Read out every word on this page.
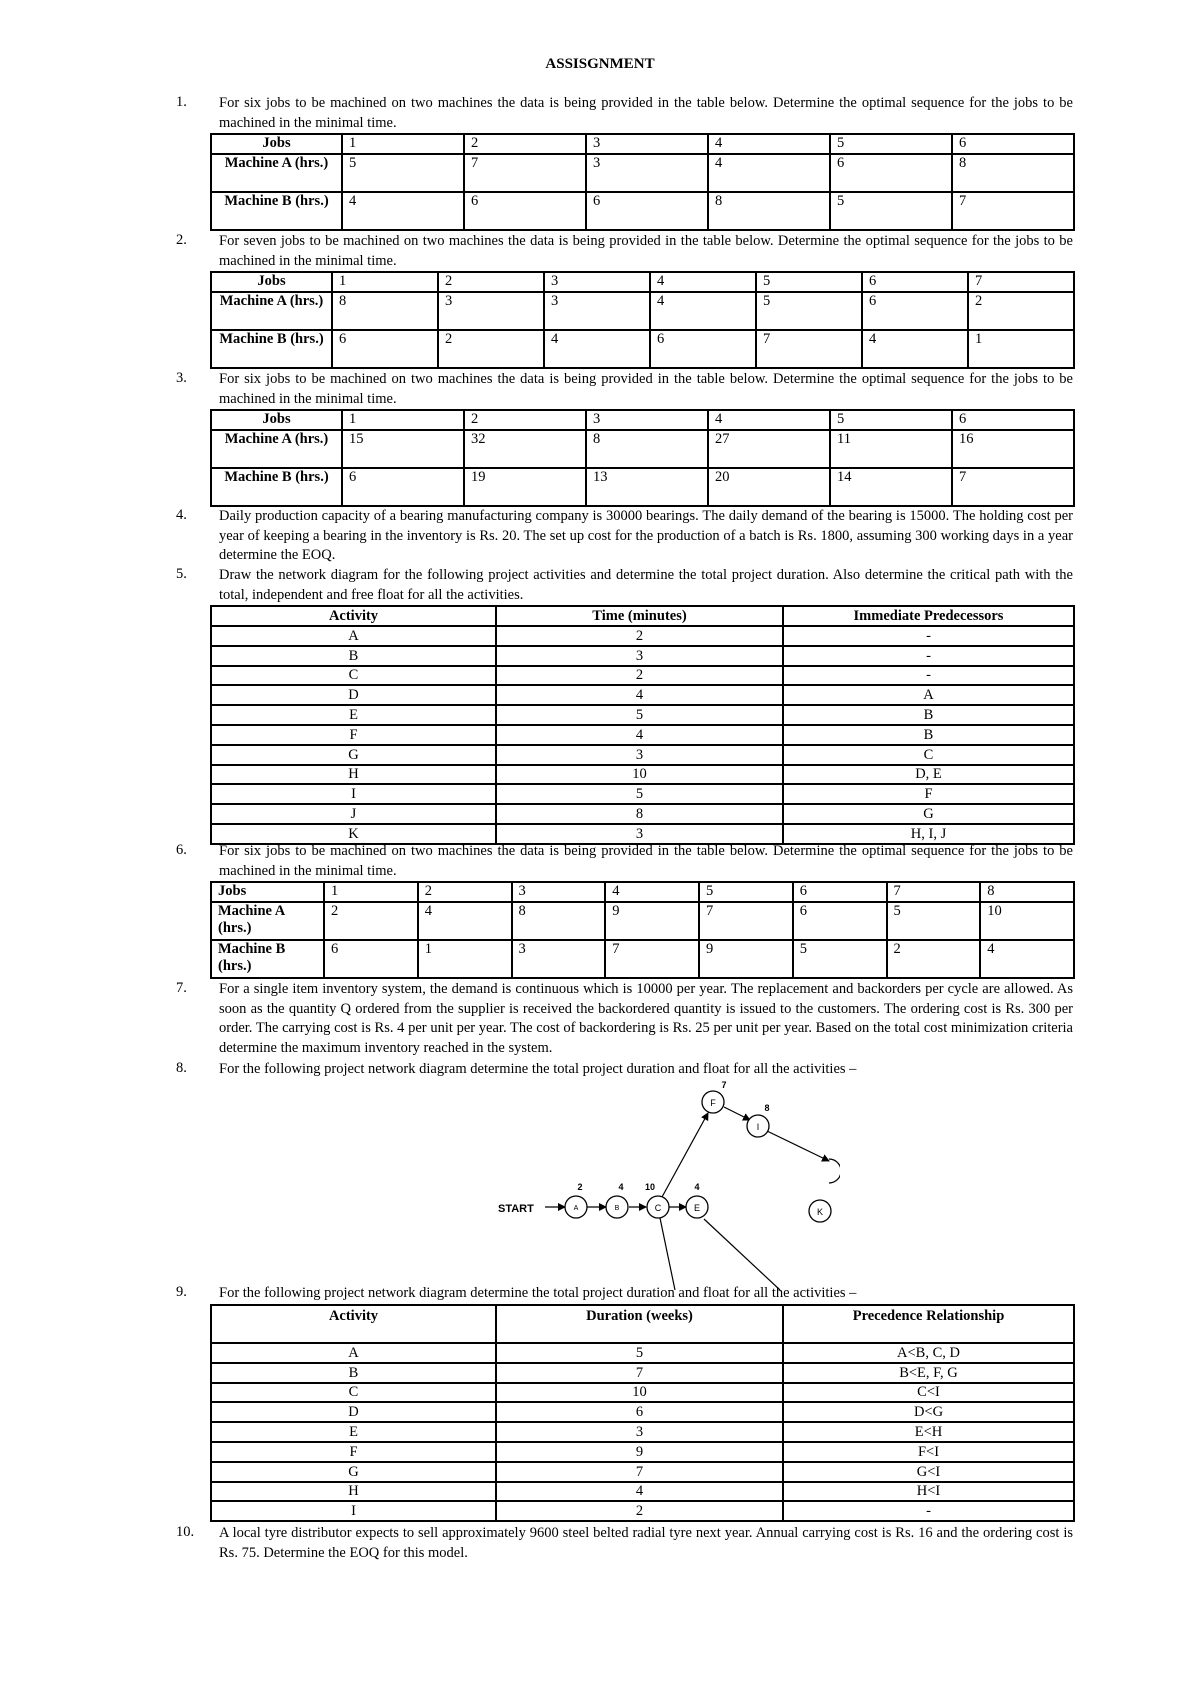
ASSISGNMENT
1.	For six jobs to be machined on two machines the data is being provided in the table below. Determine the optimal sequence for the jobs to be machined in the minimal time.
Jobs	1	2	3	4	5	6
Machine A (hrs.)	5	7	3	4	6	8
Machine B (hrs.)	4	6	6	8	5	7
2.	For seven jobs to be machined on two machines the data is being provided in the table below. Determine the optimal sequence for the jobs to be machined in the minimal time.
Jobs	1	2	3	4	5	6	7
Machine A (hrs.)	8	3	3	4	5	6	2
Machine B (hrs.)	6	2	4	6	7	4	1
3.	For six jobs to be machined on two machines the data is being provided in the table below. Determine the optimal sequence for the jobs to be machined in the minimal time.
Jobs	1	2	3	4	5	6
Machine A (hrs.)	15	32	8	27	11	16
Machine B (hrs.)	6	19	13	20	14	7
4.	Daily production capacity of a bearing manufacturing company is 30000 bearings. The daily demand of the bearing is 15000. The holding cost per year of keeping a bearing in the inventory is Rs. 20. The set up cost for the production of a batch is Rs. 1800, assuming 300 working days in a year determine the EOQ.
5.	Draw the network diagram for the following project activities and determine the total project duration. Also determine the critical path with the total, independent and free float for all the activities.
Activity	Time (minutes)	Immediate Predecessors
A	2	-
B	3	-
C	2	-
D	4	A
E	5	B
F	4	B
G	3	C
H	10	D, E
I	5	F
J	8	G
K	3	H, I, J
6.	For six jobs to be machined on two machines the data is being provided in the table below. Determine the optimal sequence for the jobs to be machined in the minimal time.
Jobs	1	2	3	4	5	6	7	8
Machine A (hrs.)	2	4	8	9	7	6	5	10
Machine B (hrs.)	6	1	3	7	9	5	2	4
7.	For a single item inventory system, the demand is continuous which is 10000 per year. The replacement and backorders per cycle are allowed. As soon as the quantity Q ordered from the supplier is received the backordered quantity is issued to the customers. The ordering cost is Rs. 300 per order. The carrying cost is Rs. 4 per unit per year. The cost of backordering is Rs. 25 per unit per year. Based on the total cost minimization criteria determine the maximum inventory reached in the system.
8.	For the following project network diagram determine the total project duration and float for all the activities –
START	A
2
B
4
C
10
E
4
F
7
I
8
K
9.	For the following project network diagram determine the total project duration and float for all the activities –
Activity	Duration (weeks)	Precedence Relationship
A	5	A<B, C, D
B	7	B<E, F, G
C	10	C<I
D	6	D<G
E	3	E<H
F	9	F<I
G	7	G<I
H	4	H<I
I	2	-
10.	A local tyre distributor expects to sell approximately 9600 steel belted radial tyre next year. Annual carrying cost is Rs. 16 and the ordering cost is Rs. 75. Determine the EOQ for this model.
